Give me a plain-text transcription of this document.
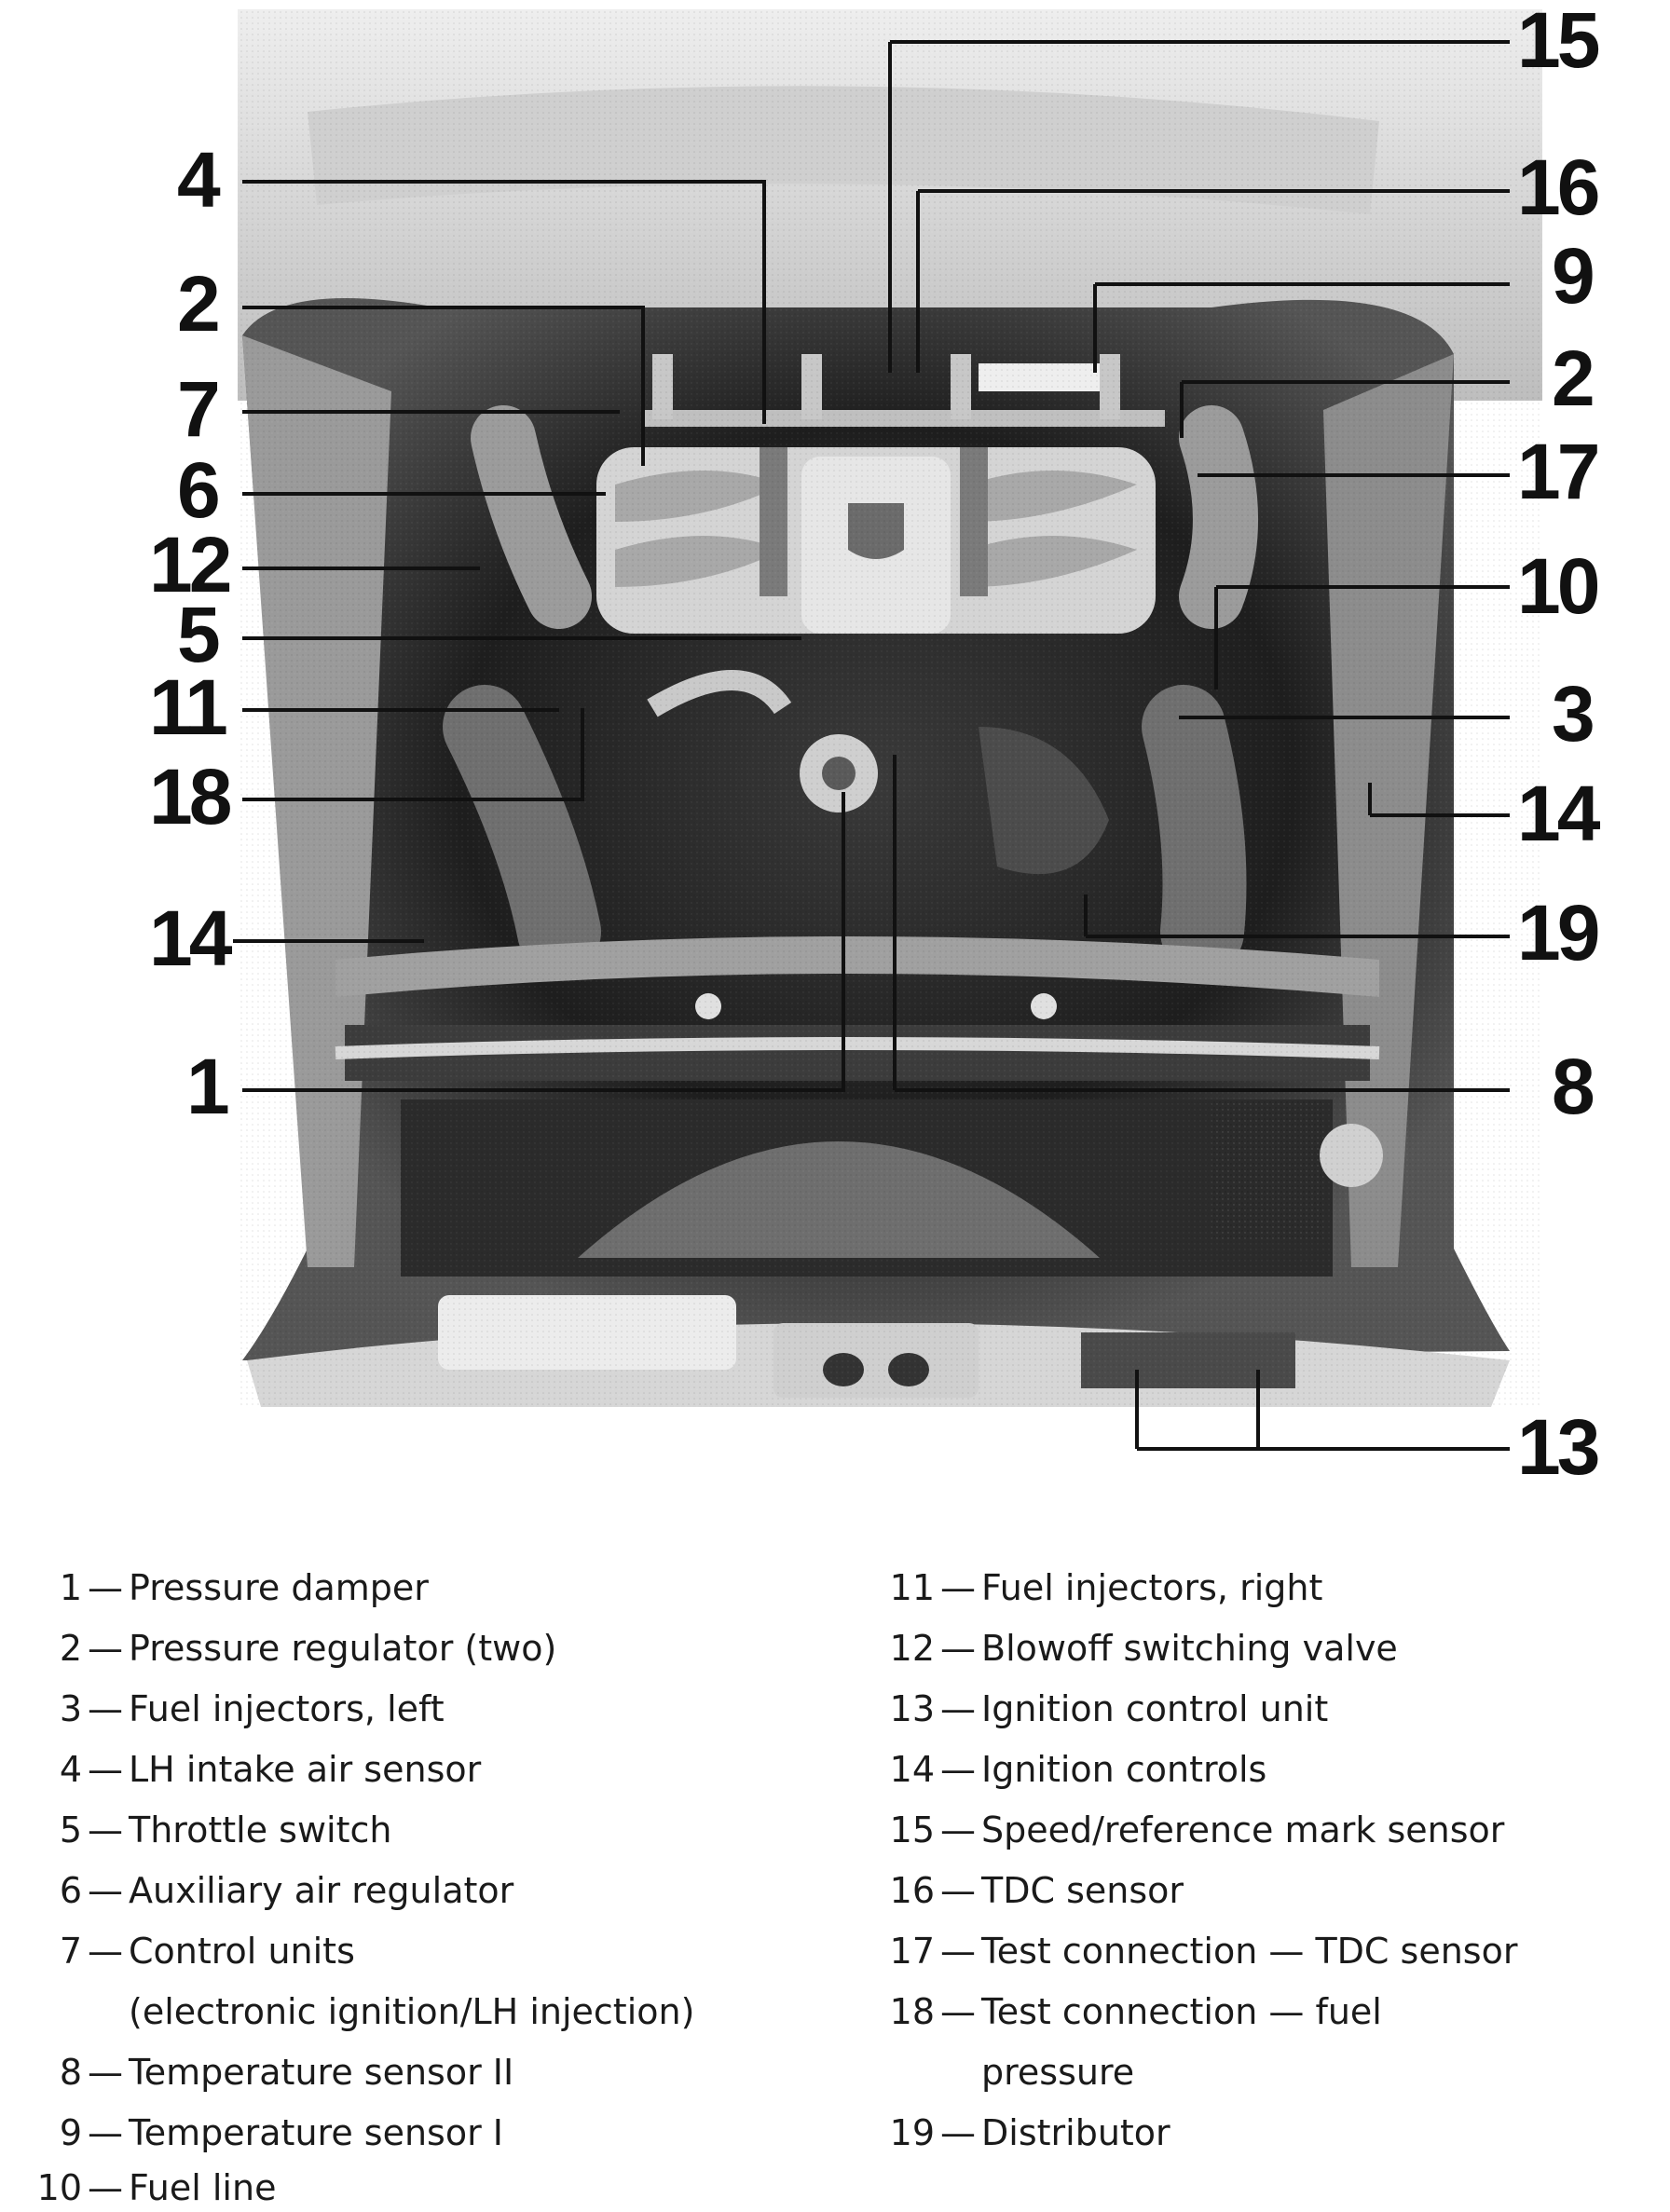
15
16
9
2
17
10
3
14
19
8
13
4
2
7
6
12
5
11
18
14
1
1 — Pressure damper
2 — Pressure regulator (two)
3 — Fuel injectors, left
4 — LH intake air sensor
5 — Throttle switch
6 — Auxiliary air regulator
7 — Control units
(electronic ignition/LH injection)
8 — Temperature sensor II
9 — Temperature sensor I
10 — Fuel line
11 — Fuel injectors, right
12 — Blowoff switching valve
13 — Ignition control unit
14 — Ignition controls
15 — Speed/reference mark sensor
16 — TDC sensor
17 — Test connection — TDC sensor
18 — Test connection — fuel
pressure
19 — Distributor
